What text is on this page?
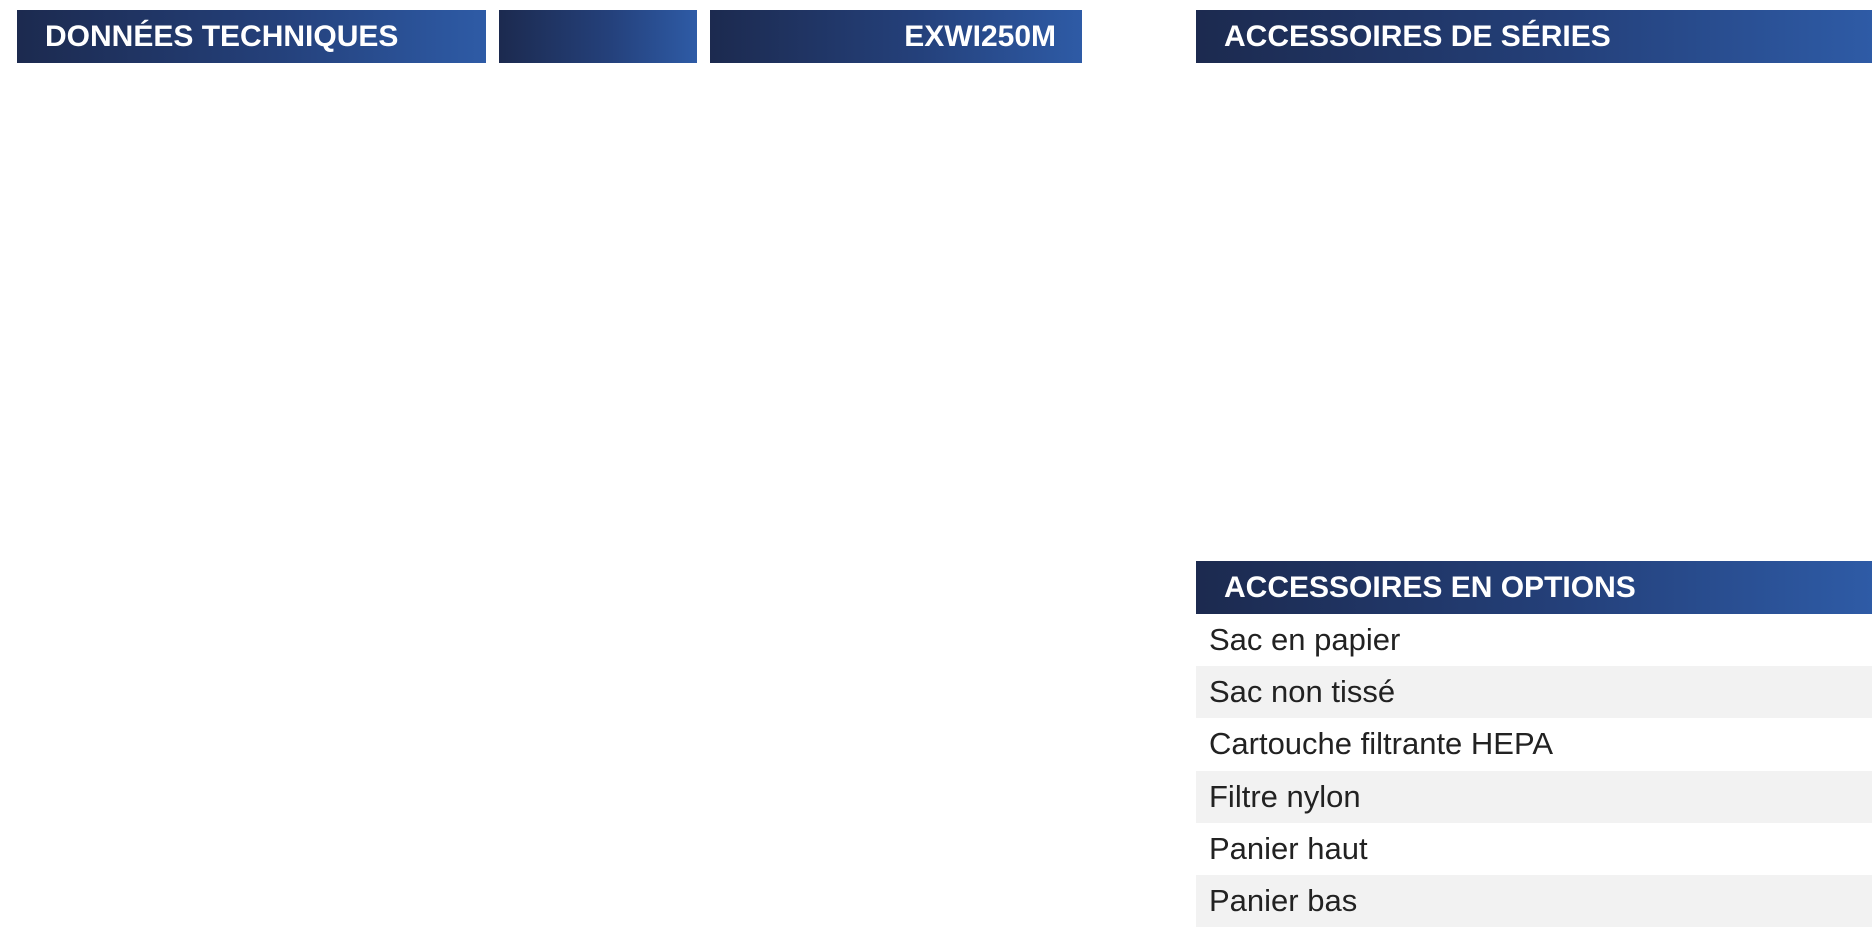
DONNÉES TECHNIQUES	EXWI250M	ACCESSOIRES DE SÉRIES
ACCESSOIRES EN OPTIONS
Sac en papier
Sac non tissé
Cartouche filtrante HEPA
Filtre nylon
Panier haut
Panier bas
